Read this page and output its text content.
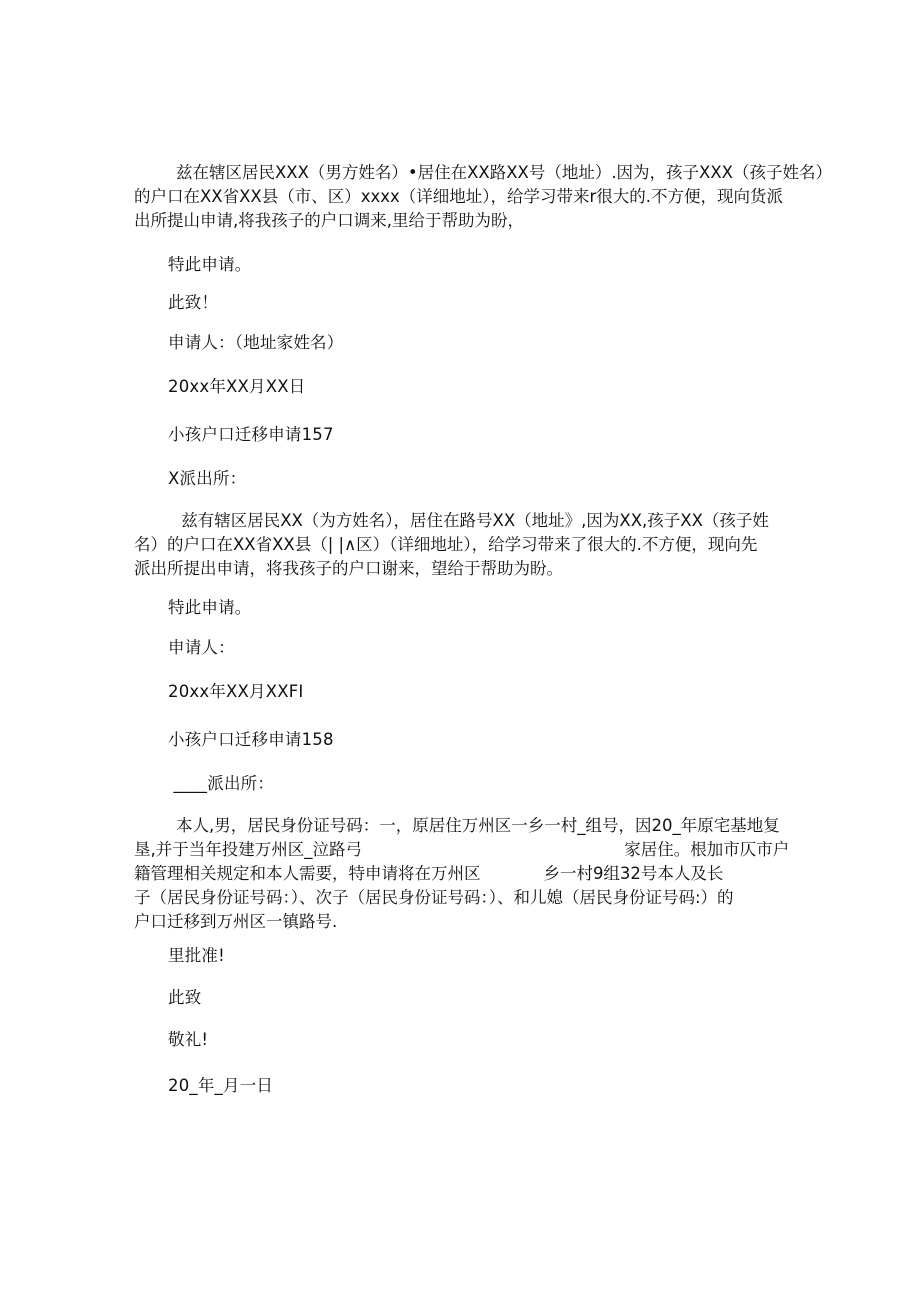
兹在辖区居民XXX（男方姓名）•居住在XX路XX号（地址）.因为，孩子XXX（孩子姓名）
的户口在XX省XX县（市、区）xxxx（详细地址），给学习带来r很大的.不方便，现向货派
出所提山申请,将我孩子的户口调来,里给于帮助为盼，
特此申请。
此致！
申请人：（地址家姓名）
20xx年XX月XX日
小孩户口迁移申请157
X派出所：
兹有辖区居民XX（为方姓名），居住在路号XX（地址》,因为XX,孩子XX（孩子姓
名）的户口在XX省XX县（| |∧区）（详细地址），给学习带来了很大的.不方便，现向先
派出所提出申请，将我孩子的户口谢来，望给于帮助为盼。
特此申请。
申请人：
20xx年XX月XXFI
小孩户口迁移申请158
____派出所：
本人,男，居民身份证号码：一，原居住万州区一乡一村_组号，因20_年原宅基地复
垦,并于当年投建万州区_泣路弓                                                  家居住。根加市仄市户
籍管理相关规定和本人需要，特申请将在万州区            乡一村9组32号本人及长
子（居民身份证号码：）、次子（居民身份证号码：）、和儿媳（居民身份证号码:）的
户口迁移到万州区一镇路号.
里批准!
此致
敬礼!
20_年_月一日
